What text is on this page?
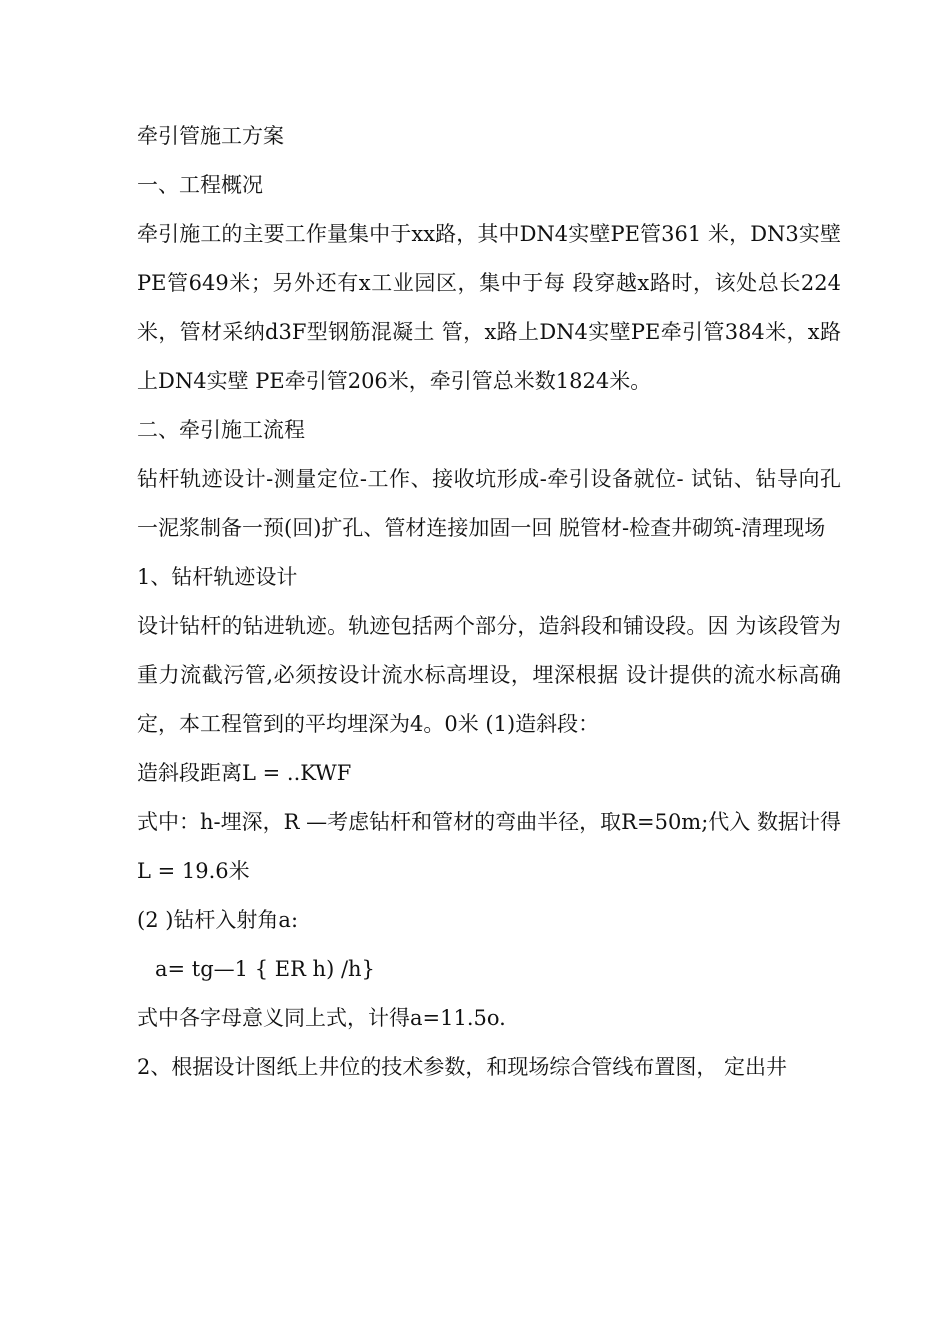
牵引管施工方案

一、工程概况

牵引施工的主要工作量集中于xx路，其中DN4实壁PE管361 米，DN3实壁PE管649米；另外还有x工业园区，集中于每 段穿越x路时，该处总长224米，管材采纳d3F型钢筋混凝土 管，x路上DN4实壁PE牵引管384米，x路上DN4实壁 PE牵引管206米，牵引管总米数1824米。

二、牵引施工流程

钻杆轨迹设计-测量定位-工作、接收坑形成-牵引设备就位- 试钻、钻导向孔一泥浆制备一预(回)扩孔、管材连接加固一回 脱管材-检查井砌筑-清理现场

1、钻杆轨迹设计

设计钻杆的钻进轨迹。轨迹包括两个部分，造斜段和铺设段。因 为该段管为重力流截污管,必须按设计流水标高埋设，埋深根据 设计提供的流水标高确定，本工程管到的平均埋深为4。0米 (1)造斜段：

造斜段距离L = ..KWF

式中：h-埋深，R —考虑钻杆和管材的弯曲半径，取R=50m;代入 数据计得L = 19.6米

(2 )钻杆入射角a:

a= tg—1 { ER h) /h}

式中各字母意义同上式，计得a=11.5o.

2、根据设计图纸上井位的技术参数，和现场综合管线布置图， 定出井
